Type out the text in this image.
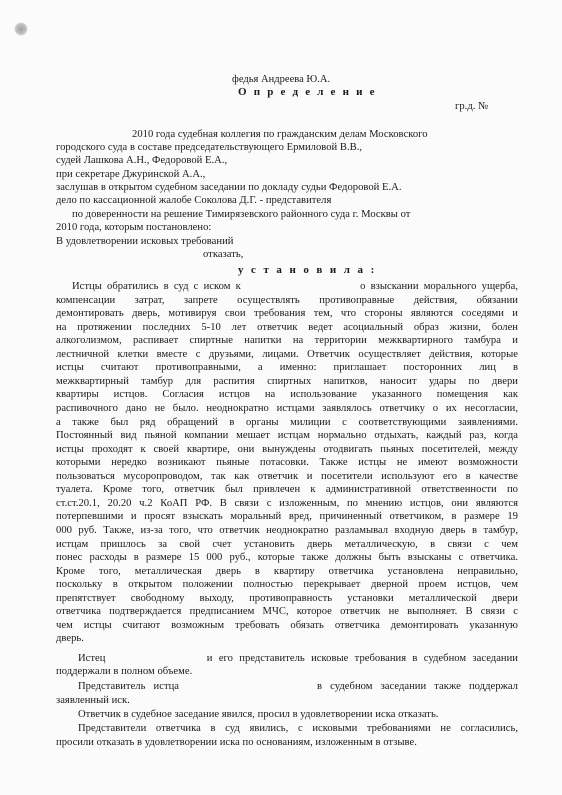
федья Андреева Ю.А.
О п р е д е л е н и е
гр.д. №
2010 года судебная коллегия по гражданским делам Московского
городского суда в составе председательствующего Ермиловой В.В.,
судей Лашкова А.Н., Федоровой Е.А.,
при секретаре Джуринской А.А.,
заслушав в открытом судебном заседании по докладу судьи Федоровой Е.А.
дело по кассационной жалобе Соколова Д.Г. - представителя
по доверенности на решение Тимирязевского районного суда г. Москвы от
2010 года, которым постановлено:
В удовлетворении исковых требований
отказать,
у с т а н о в и л а :
Истцы обратились в суд с иском к                       о взыскании морального ущерба,
компенсации  затрат,  запрете  осуществлять  противоправные  действия,  обязании
демонтировать дверь, мотивируя свои требования тем, что стороны являются соседями и
на  протяжении  последних  5-10  лет  ответчик  ведет  асоциальный  образ  жизни,  болен
алкоголизмом,  распивает  спиртные  напитки  на  территории  межквартирного  тамбура  и
лестничной клетки вместе с друзьями, лицами. Ответчик осуществляет действия, которые
истцы  считают  противоправными,  а  именно:  приглашает  посторонних  лиц  в
межквартирный тамбур для распития спиртных напитков, наносит удары по двери
квартиры  истцов.  Согласия  истцов  на  использование  указанного  помещения  как
распивочного дано не было. неоднократно истцами заявлялось ответчику о их несогласии,
а  также  был  ряд  обращений  в  органы  милиции  с  соответствующими  заявлениями.
Постоянный вид пьяной компании мешает истцам нормально отдыхать, каждый раз, когда
истцы проходят к своей квартире, они вынуждены отодвигать пьяных посетителей, между
которыми  нередко  возникают  пьяные  потасовки.  Также  истцы  не  имеют  возможности
пользоваться мусоропроводом, так как ответчик и посетители используют его в качестве
туалета.  Кроме  того,  ответчик  был  привлечен  к  административной  ответственности  по
ст.ст.20.1, 20.20 ч.2 КоАП РФ. В связи с изложенным, по мнению истцов, они являются
потерпевшими и просят взыскать моральный вред, причиненный ответчиком, в размере 19
000 руб. Также, из-за того, что ответчик неоднократно разламывал входную дверь в тамбур,
истцам пришлось за свой счет установить дверь металлическую, в связи с чем
понес расходы в размере 15 000 руб., которые также должны быть взысканы с ответчика.
Кроме  того,  металлическая  дверь  в  квартиру  ответчика  установлена  неправильно,
поскольку  в  открытом  положении  полностью  перекрывает  дверной  проем  истцов,  чем
препятствует  свободному  выходу,  противоправность  установки  металлической  двери
ответчика подтверждается предписанием МЧС, которое ответчик не выполняет. В связи с
чем  истцы  считают  возможным  требовать  обязать  ответчика  демонтировать  указанную
дверь.
Истец                и его представитель исковые требования в судебном заседании
поддержали в полном объеме.
Представитель  истца                                  в  судебном  заседании  также  поддержал
заявленный иск.
Ответчик в судебное заседание явился, просил в удовлетворении иска отказать.
Представители ответчика в суд явились, с исковыми требованиями не согласились,
просили отказать в удовлетворении иска по основаниям, изложенным в отзыве.
